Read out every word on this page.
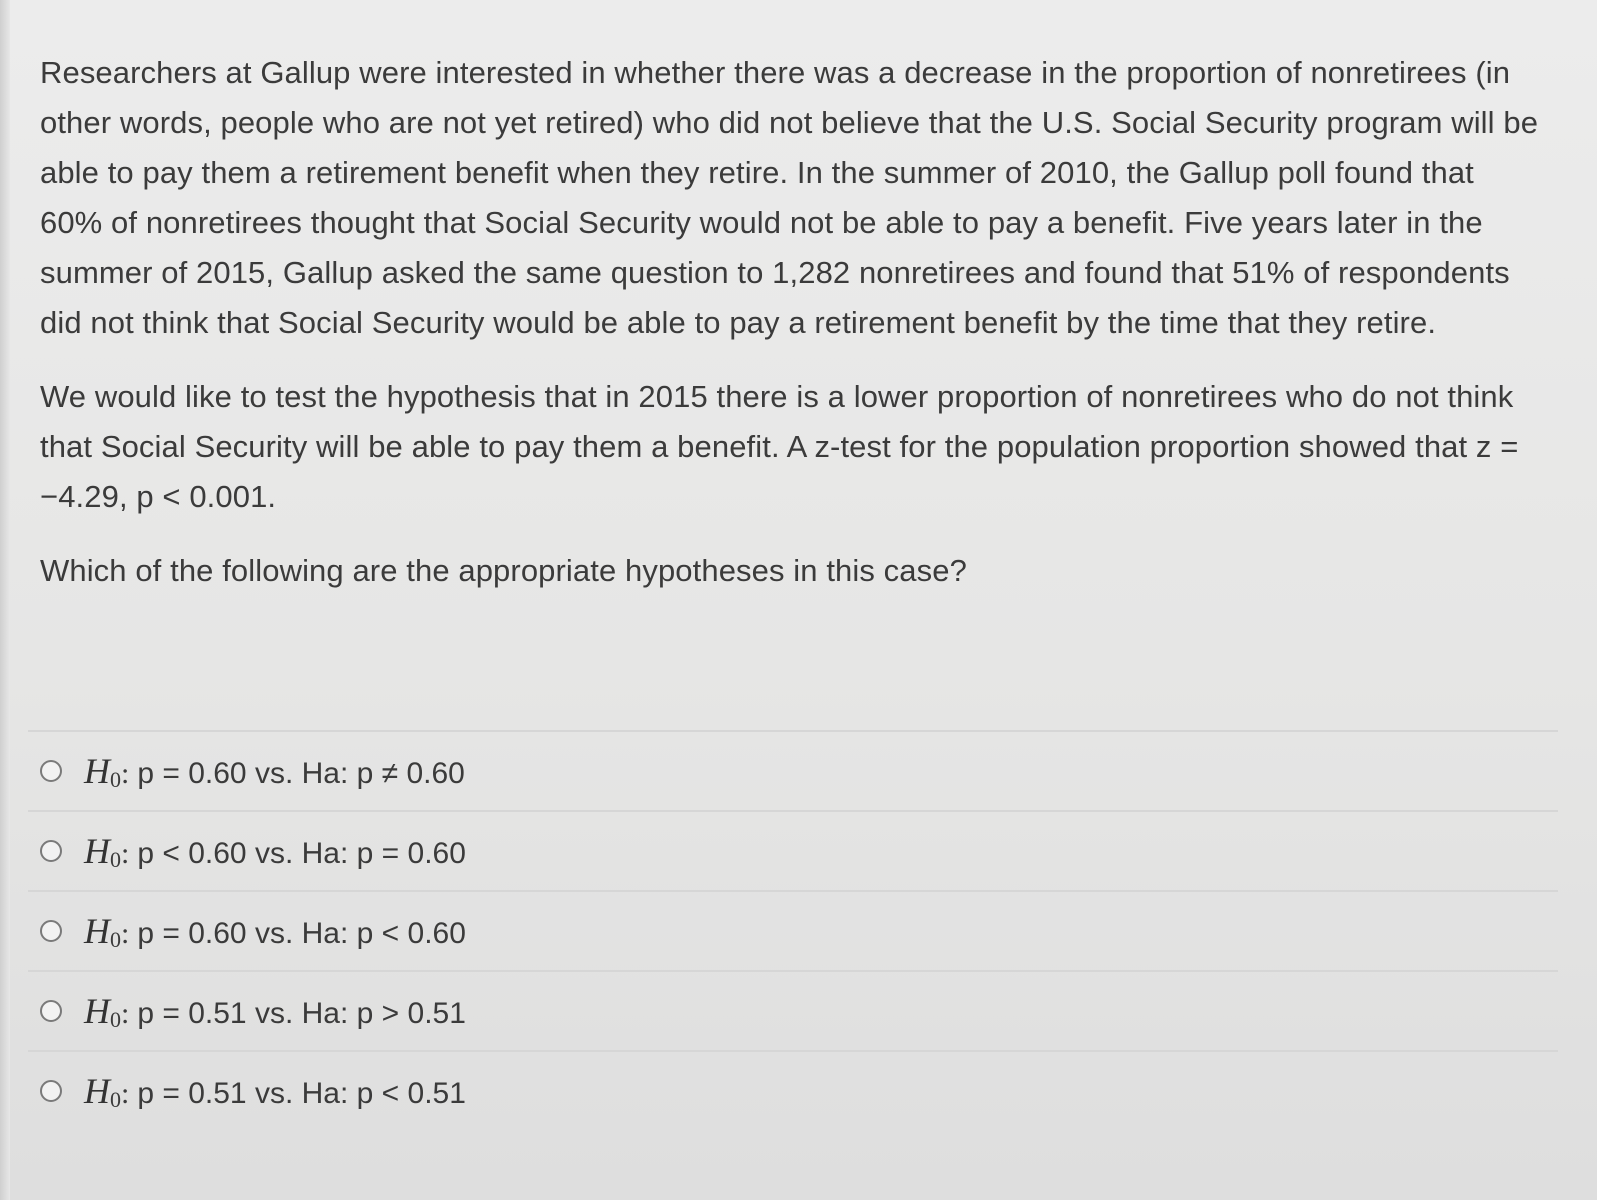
Researchers at Gallup were interested in whether there was a decrease in the proportion of nonretirees (in other words, people who are not yet retired) who did not believe that the U.S. Social Security program will be able to pay them a retirement benefit when they retire. In the summer of 2010, the Gallup poll found that 60% of nonretirees thought that Social Security would not be able to pay a benefit. Five years later in the summer of 2015, Gallup asked the same question to 1,282 nonretirees and found that 51% of respondents did not think that Social Security would be able to pay a retirement benefit by the time that they retire.

We would like to test the hypothesis that in 2015 there is a lower proportion of nonretirees who do not think that Social Security will be able to pay them a benefit. A z-test for the population proportion showed that z = −4.29, p < 0.001.

Which of the following are the appropriate hypotheses in this case?

H 0 : p = 0.60 vs. Ha: p ≠ 0.60
H 0 : p < 0.60 vs. Ha: p = 0.60
H 0 : p = 0.60 vs. Ha: p < 0.60
H 0 : p = 0.51 vs. Ha: p > 0.51
H 0 : p = 0.51 vs. Ha: p < 0.51
